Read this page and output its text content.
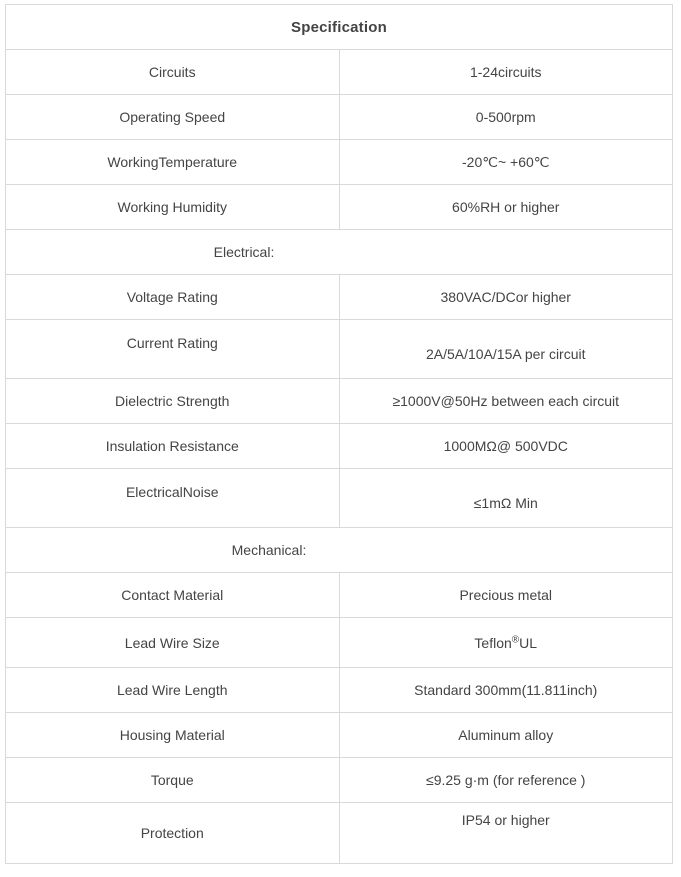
Specification	
Circuits	1-24circuits
Operating Speed	0-500rpm
WorkingTemperature	-20℃~ +60℃
Working Humidity	60%RH or higher
Electrical:	
Voltage Rating	380VAC/DCor higher
Current Rating	2A/5A/10A/15A per circuit
Dielectric Strength	≥1000V@50Hz between each circuit
Insulation Resistance	1000MΩ@ 500VDC
ElectricalNoise	≤1mΩ Min
Mechanical:	
Contact Material	Precious metal
Lead Wire Size	Teflon®UL
Lead Wire Length	Standard 300mm(11.811inch)
Housing Material	Aluminum alloy
Torque	≤9.25 g·m (for reference )
Protection	IP54 or higher
